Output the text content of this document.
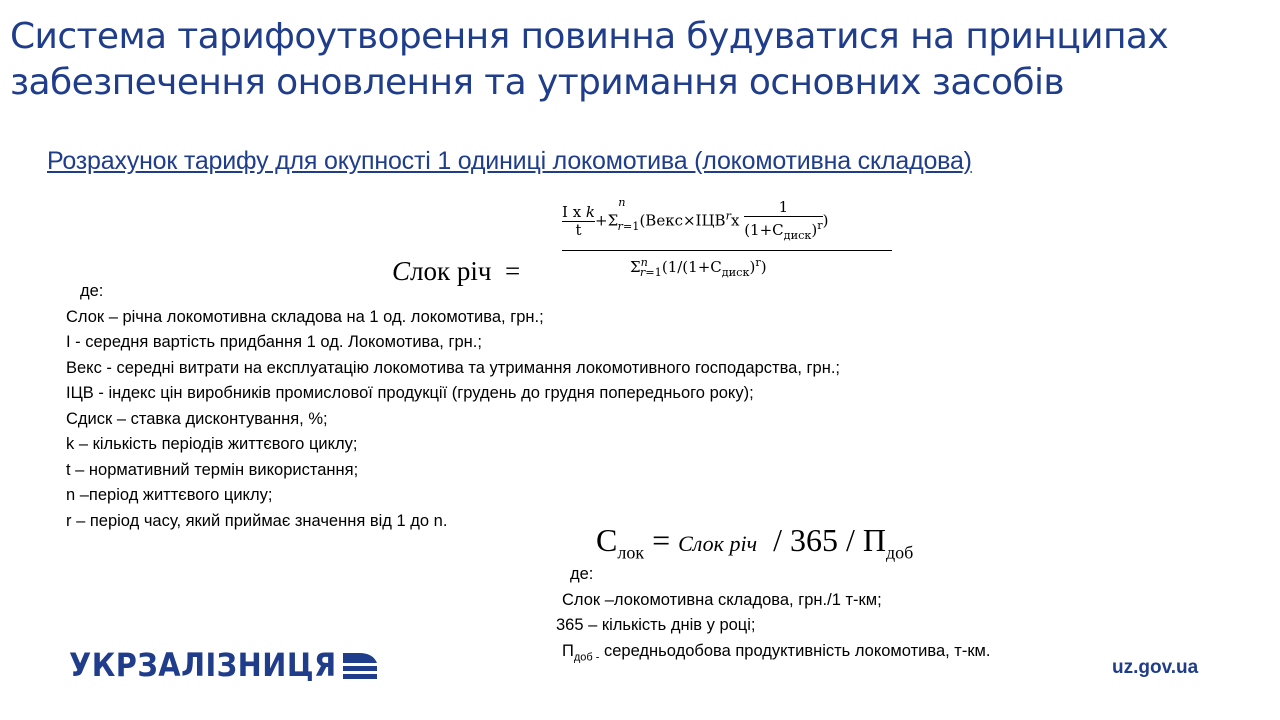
Система тарифоутворення повинна будуватися на принципах забезпечення оновлення та утримання основних засобів
Розрахунок тарифу для окупності 1 одиниці локомотива (локомотивна складова)
Cлок річ  =
$\frac{\text{I x k}}{t}$ $+\Sigma^n_{r=1}(Векс\times ІЦВ^rx$
1
$(1+С_{диск})^r$ )
$\Sigma^n_{r=1}(1/(1+С_{диск})^r)$
де:
Слок – річна локомотивна складова на 1 од. локомотива, грн.;
І - середня вартість придбання 1 од. Локомотива, грн.;
Векс - середні витрати на експлуатацію локомотива та утримання локомотивного господарства, грн.;
ІЦВ - індекс цін виробників промислової продукції (грудень до грудня попереднього року);
Сдиск – ставка дисконтування, %;
k – кількість періодів життєвого циклу;
t – нормативний термін використання;
n –період життєвого циклу;
r – період часу, який приймає значення від 1 до n.
$C_{лок}$ = Cлок річ  / $365 / П_{доб}$
де:
Слок –локомотивна складова, грн./1 т-км;
365 – кількість днів у році;
$П_{доб -}$ середньодобова продуктивність локомотива, т-км.
УКРЗАЛІЗНИЦЯ	uz.gov.ua
